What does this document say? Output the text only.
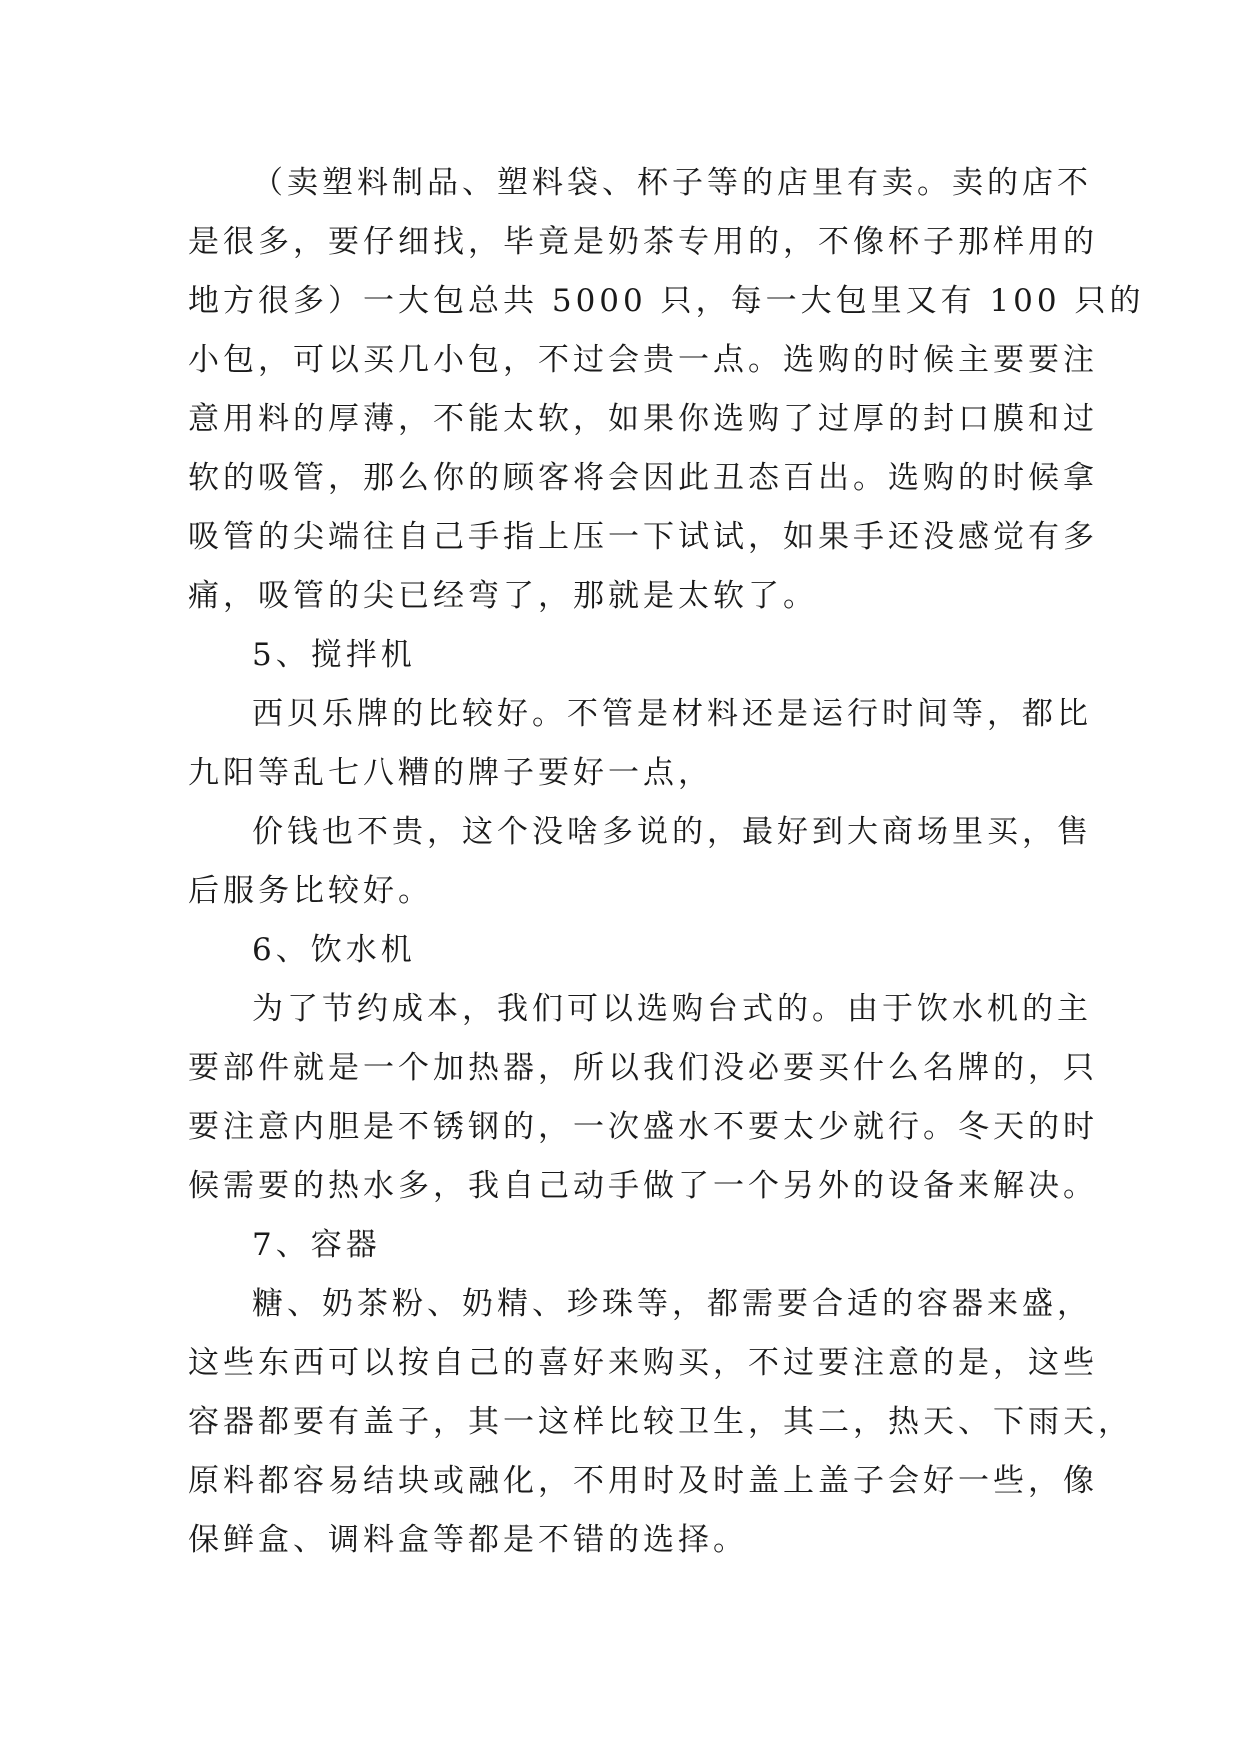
（卖塑料制品、塑料袋、杯子等的店里有卖。卖的店不
是很多，要仔细找，毕竟是奶茶专用的，不像杯子那样用的
地方很多）一大包总共 5000 只，每一大包里又有 100 只的
小包，可以买几小包，不过会贵一点。选购的时候主要要注
意用料的厚薄，不能太软，如果你选购了过厚的封口膜和过
软的吸管，那么你的顾客将会因此丑态百出。选购的时候拿
吸管的尖端往自己手指上压一下试试，如果手还没感觉有多
痛，吸管的尖已经弯了，那就是太软了。
5、搅拌机
西贝乐牌的比较好。不管是材料还是运行时间等，都比
九阳等乱七八糟的牌子要好一点，
价钱也不贵，这个没啥多说的，最好到大商场里买，售
后服务比较好。
6、饮水机
为了节约成本，我们可以选购台式的。由于饮水机的主
要部件就是一个加热器，所以我们没必要买什么名牌的，只
要注意内胆是不锈钢的，一次盛水不要太少就行。冬天的时
候需要的热水多，我自己动手做了一个另外的设备来解决。
7、容器
糖、奶茶粉、奶精、珍珠等，都需要合适的容器来盛，
这些东西可以按自己的喜好来购买，不过要注意的是，这些
容器都要有盖子，其一这样比较卫生，其二，热天、下雨天，
原料都容易结块或融化，不用时及时盖上盖子会好一些，像
保鲜盒、调料盒等都是不错的选择。
